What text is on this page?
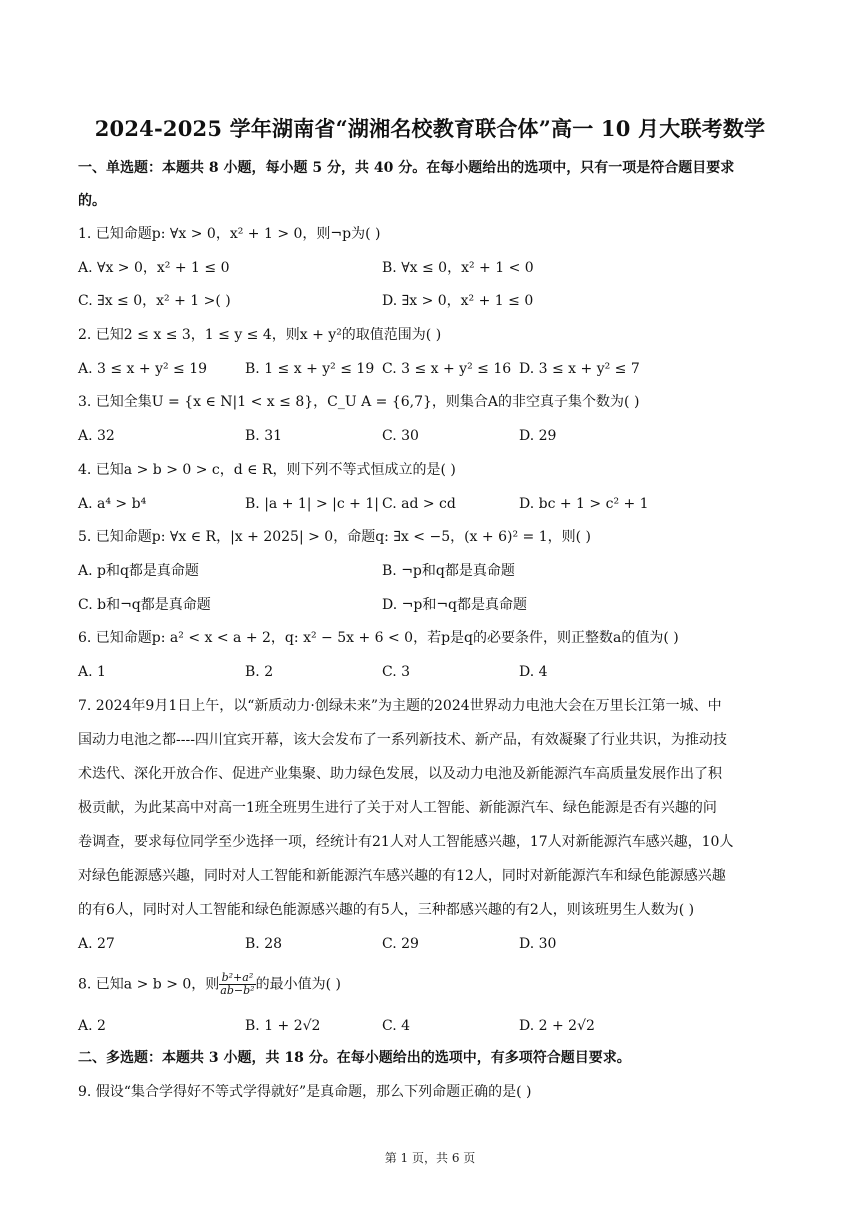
2024-2025 学年湖南省“湖湘名校教育联合体”高一 10 月大联考数学
一、单选题：本题共 8 小题，每小题 5 分，共 40 分。在每小题给出的选项中，只有一项是符合题目要求
的。
1. 已知命题p: ∀x > 0，x² + 1 > 0，则¬p为( )
A. ∀x > 0，x² + 1 ≤ 0	B. ∀x ≤ 0，x² + 1 < 0
C. ∃x ≤ 0，x² + 1 >( )	D. ∃x > 0，x² + 1 ≤ 0
2. 已知2 ≤ x ≤ 3，1 ≤ y ≤ 4，则x + y²的取值范围为( )
A. 3 ≤ x + y² ≤ 19	B. 1 ≤ x + y² ≤ 19 C. 3 ≤ x + y² ≤ 16 D. 3 ≤ x + y² ≤ 7
3. 已知全集U = {x ∈ N|1 < x ≤ 8}，C_U A = {6,7}，则集合A的非空真子集个数为( )
A. 32	B. 31	C. 30	D. 29
4. 已知a > b > 0 > c，d ∈ R，则下列不等式恒成立的是( )
A. a⁴ > b⁴	B. |a + 1| > |c + 1| C. ad > cd	D. bc + 1 > c² + 1
5. 已知命题p: ∀x ∈ R，|x + 2025| > 0，命题q: ∃x < −5，(x + 6)² = 1，则( )
A. p和q都是真命题	B. ¬p和q都是真命题
C. b和¬q都是真命题	D. ¬p和¬q都是真命题
6. 已知命题p: a² < x < a + 2，q: x² − 5x + 6 < 0，若p是q的必要条件，则正整数a的值为( )
A. 1	B. 2	C. 3	D. 4
7. 2024年9月1日上午，以“新质动力·创绿未来”为主题的2024世界动力电池大会在万里长江第一城、中
国动力电池之都----四川宜宾开幕，该大会发布了一系列新技术、新产品，有效凝聚了行业共识，为推动技
术迭代、深化开放合作、促进产业集聚、助力绿色发展，以及动力电池及新能源汽车高质量发展作出了积
极贡献，为此某高中对高一1班全班男生进行了关于对人工智能、新能源汽车、绿色能源是否有兴趣的问
卷调查，要求每位同学至少选择一项，经统计有21人对人工智能感兴趣，17人对新能源汽车感兴趣，10人
对绿色能源感兴趣，同时对人工智能和新能源汽车感兴趣的有12人，同时对新能源汽车和绿色能源感兴趣
的有6人，同时对人工智能和绿色能源感兴趣的有5人，三种都感兴趣的有2人，则该班男生人数为( )
A. 27	B. 28	C. 29	D. 30
8. 已知a > b > 0，则 $\frac{\text{b²+a²}}{\text{ab−b²}}$ 的最小值为( )
A. 2	B. 1 + 2√2	C. 4	D. 2 + 2√2
二、多选题：本题共 3 小题，共 18 分。在每小题给出的选项中，有多项符合题目要求。
9. 假设“集合学得好不等式学得就好”是真命题，那么下列命题正确的是( )
第 1 页，共 6 页
